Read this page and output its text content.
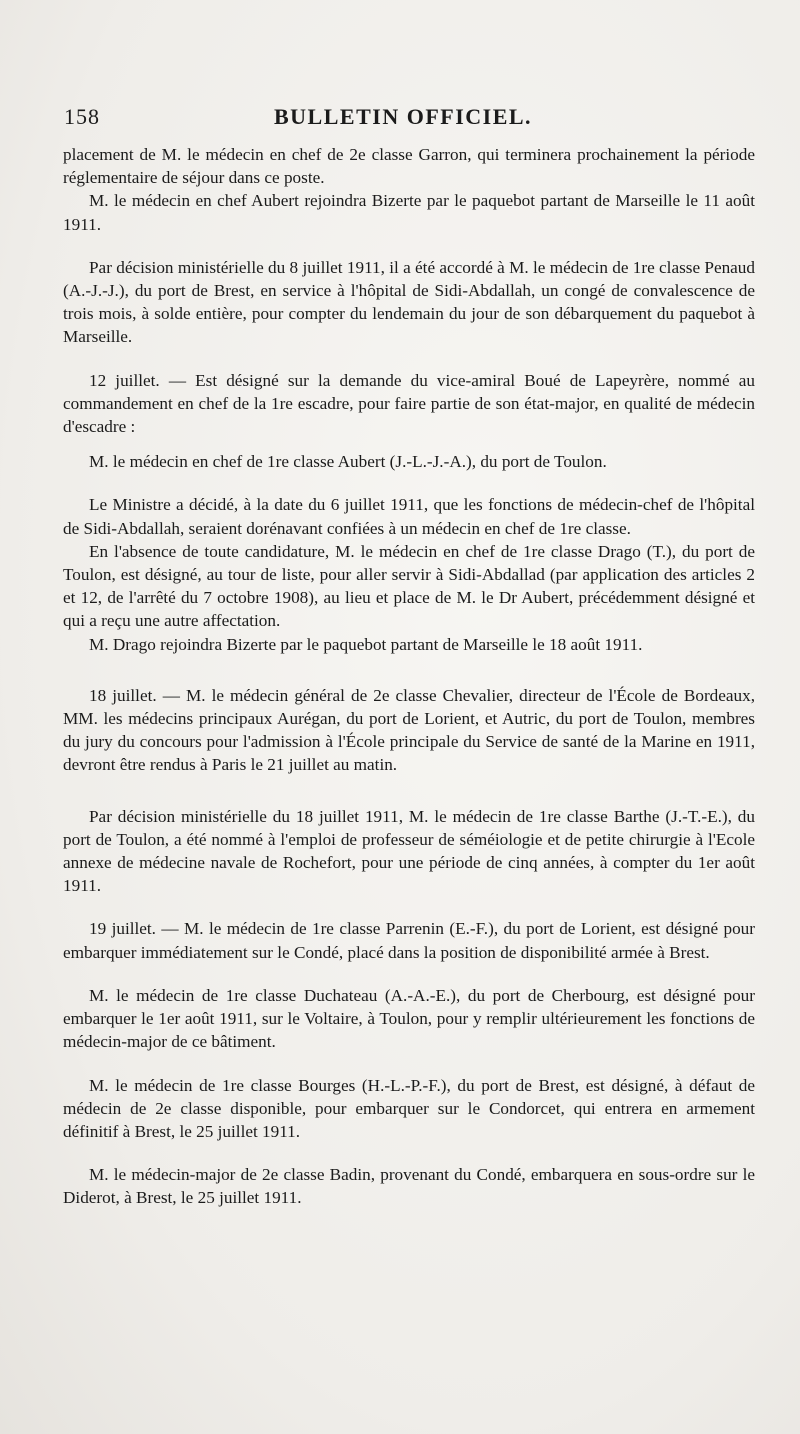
158	BULLETIN OFFICIEL.

placement de M. le médecin en chef de 2e classe Garron, qui terminera prochainement la période réglementaire de séjour dans ce poste.

M. le médecin en chef Aubert rejoindra Bizerte par le paquebot partant de Marseille le 11 août 1911.

Par décision ministérielle du 8 juillet 1911, il a été accordé à M. le médecin de 1re classe Penaud (A.-J.-J.), du port de Brest, en service à l'hôpital de Sidi-Abdallah, un congé de convalescence de trois mois, à solde entière, pour compter du lendemain du jour de son débarquement du paquebot à Marseille.

12 juillet. — Est désigné sur la demande du vice-amiral Boué de Lapeyrère, nommé au commandement en chef de la 1re escadre, pour faire partie de son état-major, en qualité de médecin d'escadre :

M. le médecin en chef de 1re classe Aubert (J.-L.-J.-A.), du port de Toulon.

Le Ministre a décidé, à la date du 6 juillet 1911, que les fonctions de médecin-chef de l'hôpital de Sidi-Abdallah, seraient dorénavant confiées à un médecin en chef de 1re classe.

En l'absence de toute candidature, M. le médecin en chef de 1re classe Drago (T.), du port de Toulon, est désigné, au tour de liste, pour aller servir à Sidi-Abdallad (par application des articles 2 et 12, de l'arrêté du 7 octobre 1908), au lieu et place de M. le Dr Aubert, précédemment désigné et qui a reçu une autre affectation.

M. Drago rejoindra Bizerte par le paquebot partant de Marseille le 18 août 1911.

18 juillet. — M. le médecin général de 2e classe Chevalier, directeur de l'École de Bordeaux, MM. les médecins principaux Aurégan, du port de Lorient, et Autric, du port de Toulon, membres du jury du concours pour l'admission à l'École principale du Service de santé de la Marine en 1911, devront être rendus à Paris le 21 juillet au matin.

Par décision ministérielle du 18 juillet 1911, M. le médecin de 1re classe Barthe (J.-T.-E.), du port de Toulon, a été nommé à l'emploi de professeur de séméiologie et de petite chirurgie à l'Ecole annexe de médecine navale de Rochefort, pour une période de cinq années, à compter du 1er août 1911.

19 juillet. — M. le médecin de 1re classe Parrenin (E.-F.), du port de Lorient, est désigné pour embarquer immédiatement sur le Condé, placé dans la position de disponibilité armée à Brest.

M. le médecin de 1re classe Duchateau (A.-A.-E.), du port de Cherbourg, est désigné pour embarquer le 1er août 1911, sur le Voltaire, à Toulon, pour y remplir ultérieurement les fonctions de médecin-major de ce bâtiment.

M. le médecin de 1re classe Bourges (H.-L.-P.-F.), du port de Brest, est désigné, à défaut de médecin de 2e classe disponible, pour embarquer sur le Condorcet, qui entrera en armement définitif à Brest, le 25 juillet 1911.

M. le médecin-major de 2e classe Badin, provenant du Condé, embarquera en sous-ordre sur le Diderot, à Brest, le 25 juillet 1911.
